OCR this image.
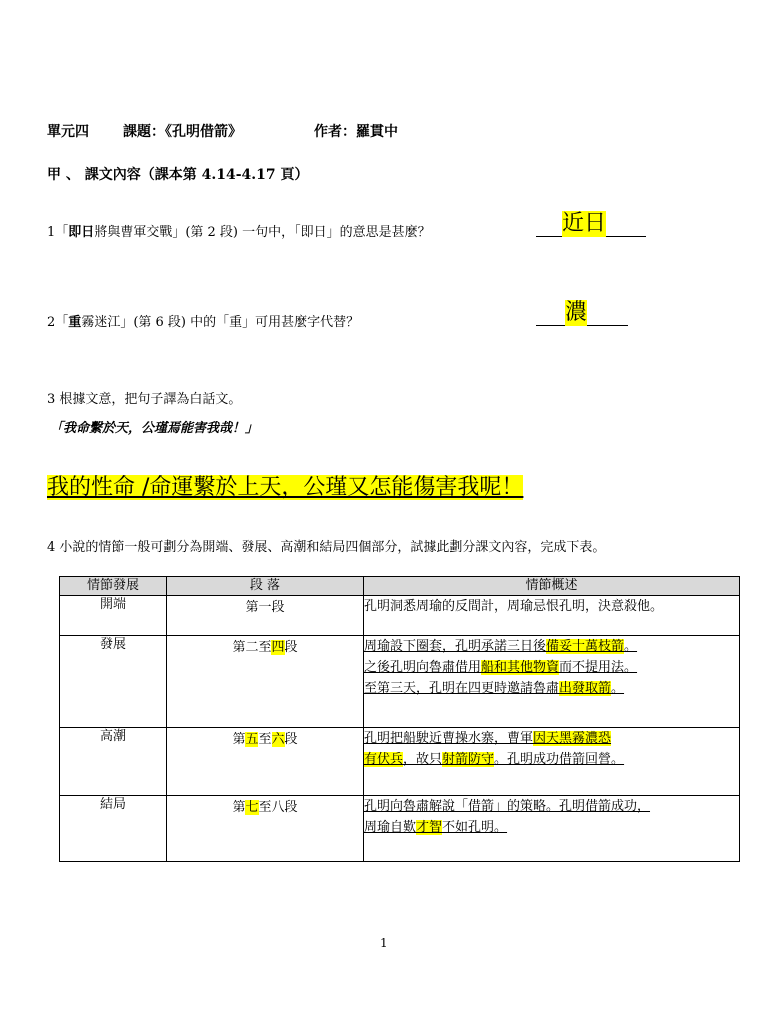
單元四 課題：《孔明借箭》	作者：羅貫中
甲 、 課文內容（課本第 4.14-4.17 頁）
1「即日將與曹軍交戰」(第 2 段) 一句中，「即日」的意思是甚麼？	近日
2「重霧迷江」(第 6 段) 中的「重」可用甚麼字代替？	濃
3 根據文意，把句子譯為白話文。
「我命繫於天，公瑾焉能害我哉！」
我的性命 /命運繫於上天，公瑾又怎能傷害我呢！
4 小說的情節一般可劃分為開端、發展、高潮和結局四個部分，試據此劃分課文內容，完成下表。
情節發展	段 落	情節概述
開端	第一段	孔明洞悉周瑜的反間計，周瑜忌恨孔明，決意殺他。
發展	第二至四段	周瑜設下圈套，孔明承諾三日後備妥十萬枝箭。
之後孔明向魯肅借用船和其他物資而不提用法。
至第三天，孔明在四更時邀請魯肅出發取箭。
高潮	第五至六段	孔明把船駛近曹操水寨，曹軍因天黑霧濃恐
有伏兵，故只射箭防守。孔明成功借箭回營。
結局	第七至八段	孔明向魯肅解說「借箭」的策略。孔明借箭成功，
周瑜自歎才智不如孔明。
1
